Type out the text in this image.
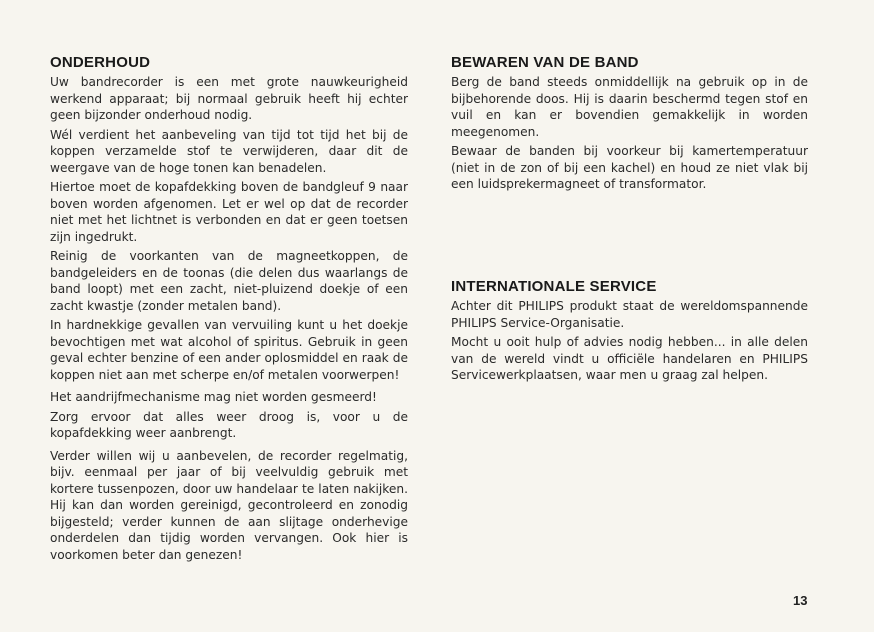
ONDERHOUD

Uw bandrecorder is een met grote nauwkeurigheid werkend apparaat; bij normaal gebruik heeft hij echter geen bijzonder onderhoud nodig.

Wél verdient het aanbeveling van tijd tot tijd het bij de koppen verzamelde stof te verwijderen, daar dit de weergave van de hoge tonen kan benadelen.

Hiertoe moet de kopafdekking boven de bandgleuf 9 naar boven worden afgenomen. Let er wel op dat de recorder niet met het lichtnet is verbonden en dat er geen toetsen zijn ingedrukt.

Reinig de voorkanten van de magneetkoppen, de bandgeleiders en de toonas (die delen dus waarlangs de band loopt) met een zacht, niet-pluizend doekje of een zacht kwastje (zonder metalen band).

In hardnekkige gevallen van vervuiling kunt u het doekje bevochtigen met wat alcohol of spiritus. Gebruik in geen geval echter benzine of een ander oplosmiddel en raak de koppen niet aan met scherpe en/of metalen voorwerpen!

Het aandrijfmechanisme mag niet worden gesmeerd!

Zorg ervoor dat alles weer droog is, voor u de kopafdekking weer aanbrengt.

Verder willen wij u aanbevelen, de recorder regelmatig, bijv. eenmaal per jaar of bij veelvuldig gebruik met kortere tussenpozen, door uw handelaar te laten nakijken. Hij kan dan worden gereinigd, gecontroleerd en zonodig bijgesteld; verder kunnen de aan slijtage onderhevige onderdelen dan tijdig worden vervangen. Ook hier is voorkomen beter dan genezen!

BEWAREN VAN DE BAND

Berg de band steeds onmiddellijk na gebruik op in de bijbehorende doos. Hij is daarin beschermd tegen stof en vuil en kan er bovendien gemakkelijk in worden meegenomen.

Bewaar de banden bij voorkeur bij kamertemperatuur (niet in de zon of bij een kachel) en houd ze niet vlak bij een luidsprekermagneet of transformator.

INTERNATIONALE SERVICE

Achter dit PHILIPS produkt staat de wereldomspannende PHILIPS Service-Organisatie.

Mocht u ooit hulp of advies nodig hebben... in alle delen van de wereld vindt u officiële handelaren en PHILIPS Servicewerkplaatsen, waar men u graag zal helpen.

13
